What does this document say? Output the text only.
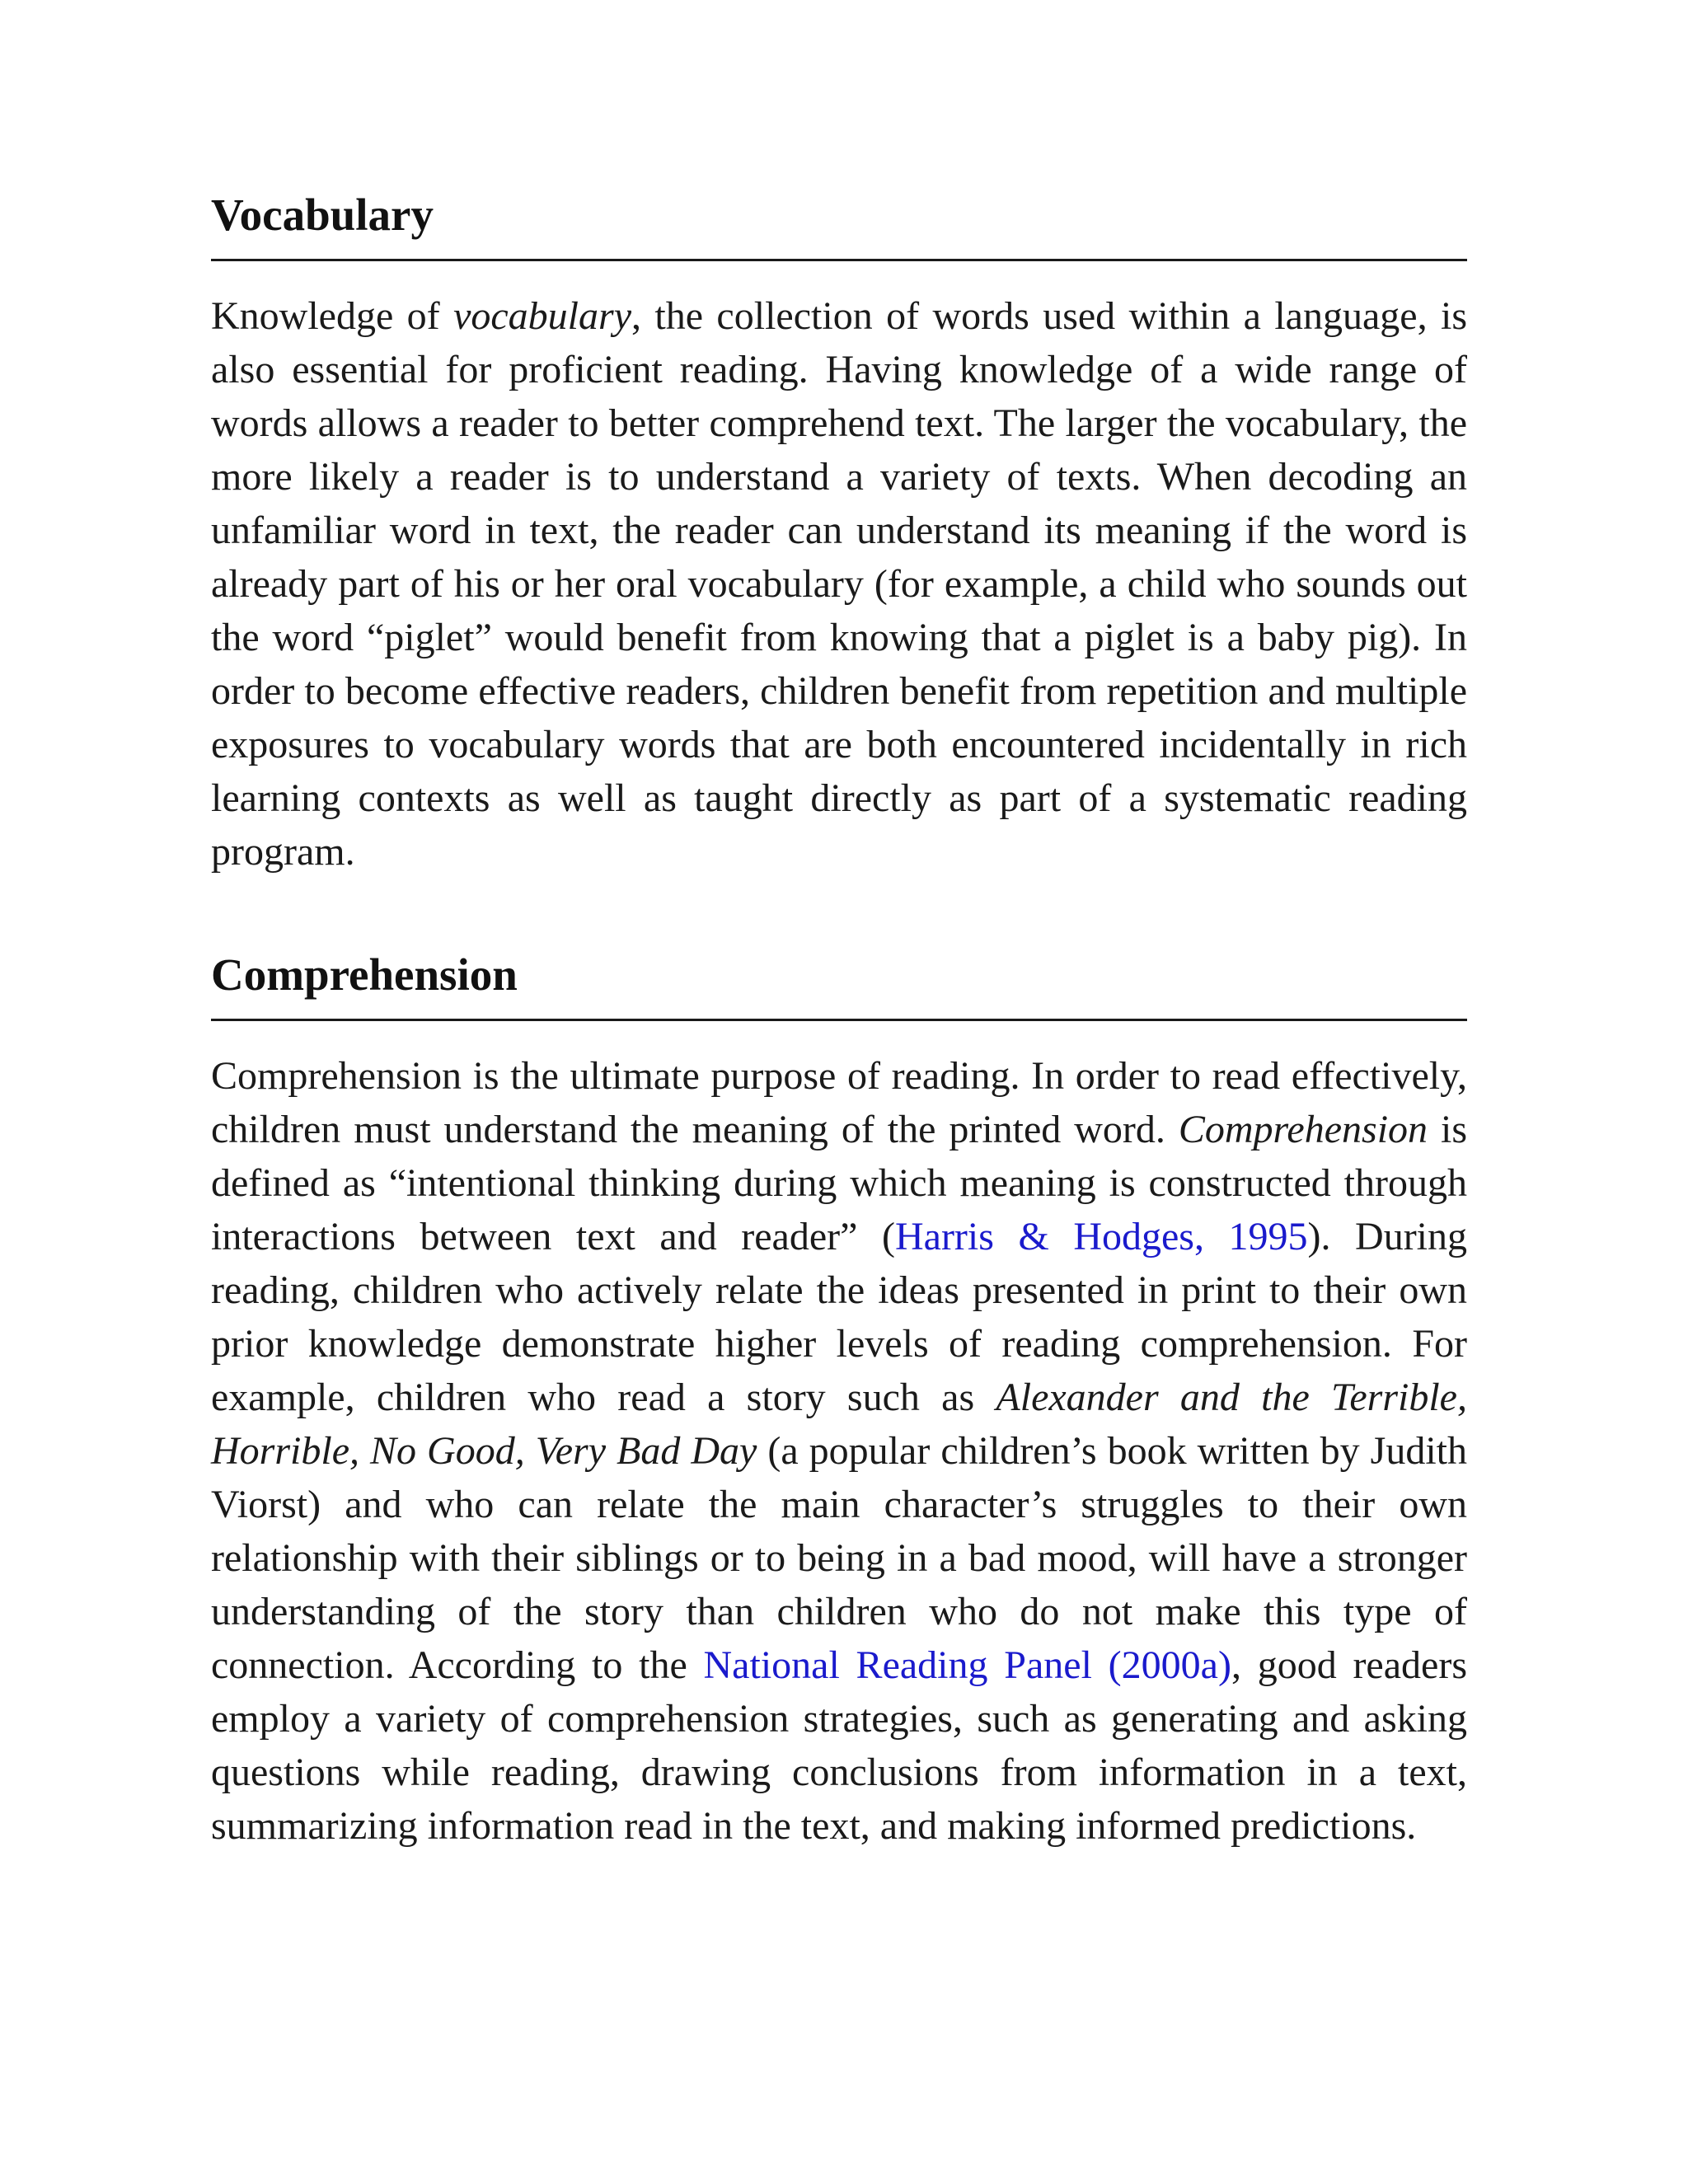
Vocabulary

Knowledge of vocabulary, the collection of words used within a language, is also essential for proficient reading. Having knowledge of a wide range of words allows a reader to better comprehend text. The larger the vocabulary, the more likely a reader is to understand a variety of texts. When decoding an unfamiliar word in text, the reader can understand its meaning if the word is already part of his or her oral vocabulary (for example, a child who sounds out the word “piglet” would benefit from knowing that a piglet is a baby pig). In order to become effective readers, children benefit from repetition and multiple exposures to vocabulary words that are both encountered incidentally in rich learning contexts as well as taught directly as part of a systematic reading program.

Comprehension

Comprehension is the ultimate purpose of reading. In order to read effectively, children must understand the meaning of the printed word. Comprehension is defined as “intentional thinking during which meaning is constructed through interactions between text and reader” (Harris & Hodges, 1995). During reading, children who actively relate the ideas presented in print to their own prior knowledge demonstrate higher levels of reading comprehension. For example, children who read a story such as Alexander and the Terrible, Horrible, No Good, Very Bad Day (a popular children’s book written by Judith Viorst) and who can relate the main character’s struggles to their own relationship with their siblings or to being in a bad mood, will have a stronger understanding of the story than children who do not make this type of connection. According to the National Reading Panel (2000a), good readers employ a variety of comprehension strategies, such as generating and asking questions while reading, drawing conclusions from information in a text, summarizing information read in the text, and making informed predictions.
